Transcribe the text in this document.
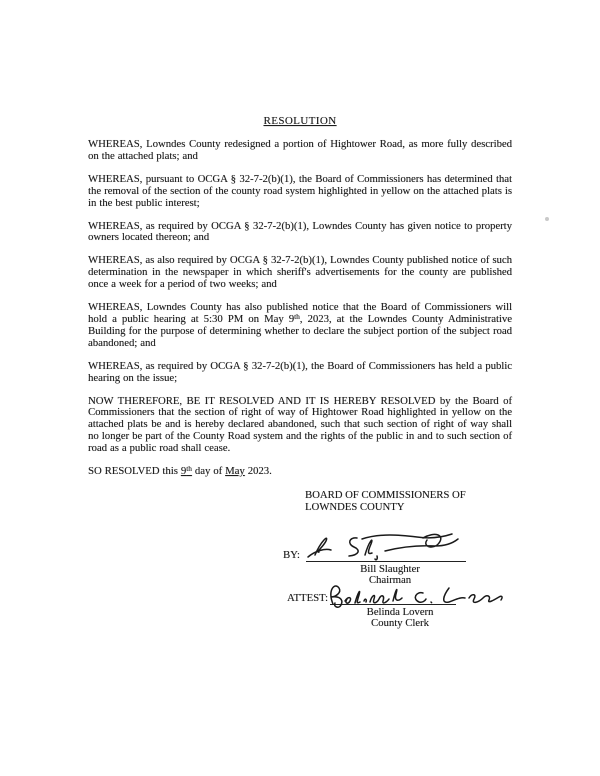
RESOLUTION

WHEREAS, Lowndes County redesigned a portion of Hightower Road, as more fully described on the attached plats; and

WHEREAS, pursuant to OCGA § 32-7-2(b)(1), the Board of Commissioners has determined that the removal of the section of the county road system highlighted in yellow on the attached plats is in the best public interest;

WHEREAS, as required by OCGA § 32-7-2(b)(1), Lowndes County has given notice to property owners located thereon; and

WHEREAS, as also required by OCGA § 32-7-2(b)(1), Lowndes County published notice of such determination in the newspaper in which sheriff's advertisements for the county are published once a week for a period of two weeks; and

WHEREAS, Lowndes County has also published notice that the Board of Commissioners will hold a public hearing at 5:30 PM on May 9th, 2023, at the Lowndes County Administrative Building for the purpose of determining whether to declare the subject portion of the subject road abandoned; and

WHEREAS, as required by OCGA § 32-7-2(b)(1), the Board of Commissioners has held a public hearing on the issue;

NOW THEREFORE, BE IT RESOLVED AND IT IS HEREBY RESOLVED by the Board of Commissioners that the section of right of way of Hightower Road highlighted in yellow on the attached plats be and is hereby declared abandoned, such that such section of right of way shall no longer be part of the County Road system and the rights of the public in and to such section of road as a public road shall cease.

SO RESOLVED this 9th day of May 2023.

BOARD OF COMMISSIONERS OF
LOWNDES COUNTY
BY:
Bill Slaughter
Chairman
ATTEST:
Belinda Lovern
County Clerk
